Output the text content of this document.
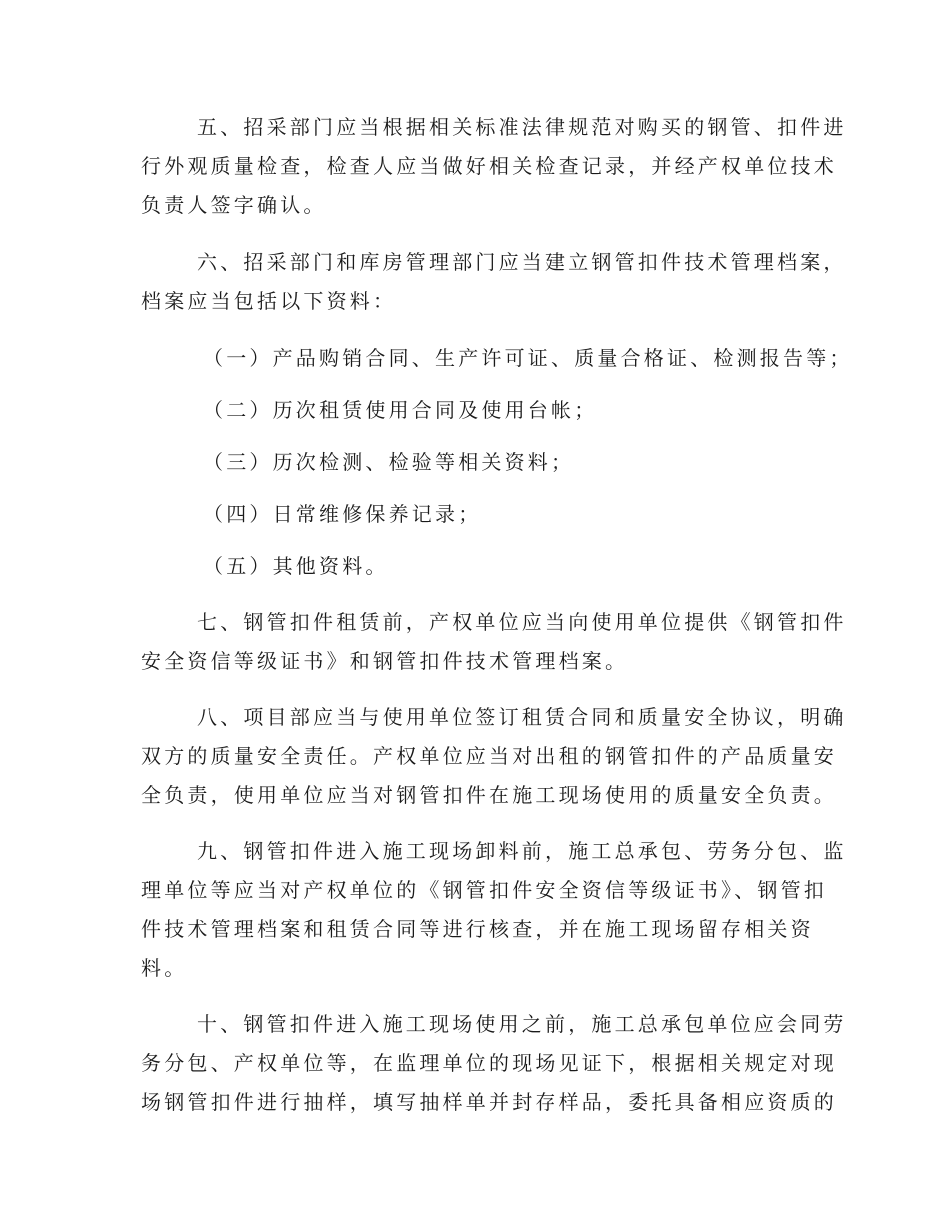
五、招采部门应当根据相关标准法律规范对购买的钢管、扣件进
行外观质量检查，检查人应当做好相关检查记录，并经产权单位技术
负责人签字确认。

六、招采部门和库房管理部门应当建立钢管扣件技术管理档案，
档案应当包括以下资料：

（一）产品购销合同、生产许可证、质量合格证、检测报告等；

（二）历次租赁使用合同及使用台帐；

（三）历次检测、检验等相关资料；

（四）日常维修保养记录；

（五）其他资料。

七、钢管扣件租赁前，产权单位应当向使用单位提供《钢管扣件
安全资信等级证书》和钢管扣件技术管理档案。

八、项目部应当与使用单位签订租赁合同和质量安全协议，明确
双方的质量安全责任。产权单位应当对出租的钢管扣件的产品质量安
全负责，使用单位应当对钢管扣件在施工现场使用的质量安全负责。

九、钢管扣件进入施工现场卸料前，施工总承包、劳务分包、监
理单位等应当对产权单位的《钢管扣件安全资信等级证书》、钢管扣
件技术管理档案和租赁合同等进行核查，并在施工现场留存相关资
料。

十、钢管扣件进入施工现场使用之前，施工总承包单位应会同劳
务分包、产权单位等，在监理单位的现场见证下，根据相关规定对现
场钢管扣件进行抽样，填写抽样单并封存样品，委托具备相应资质的
